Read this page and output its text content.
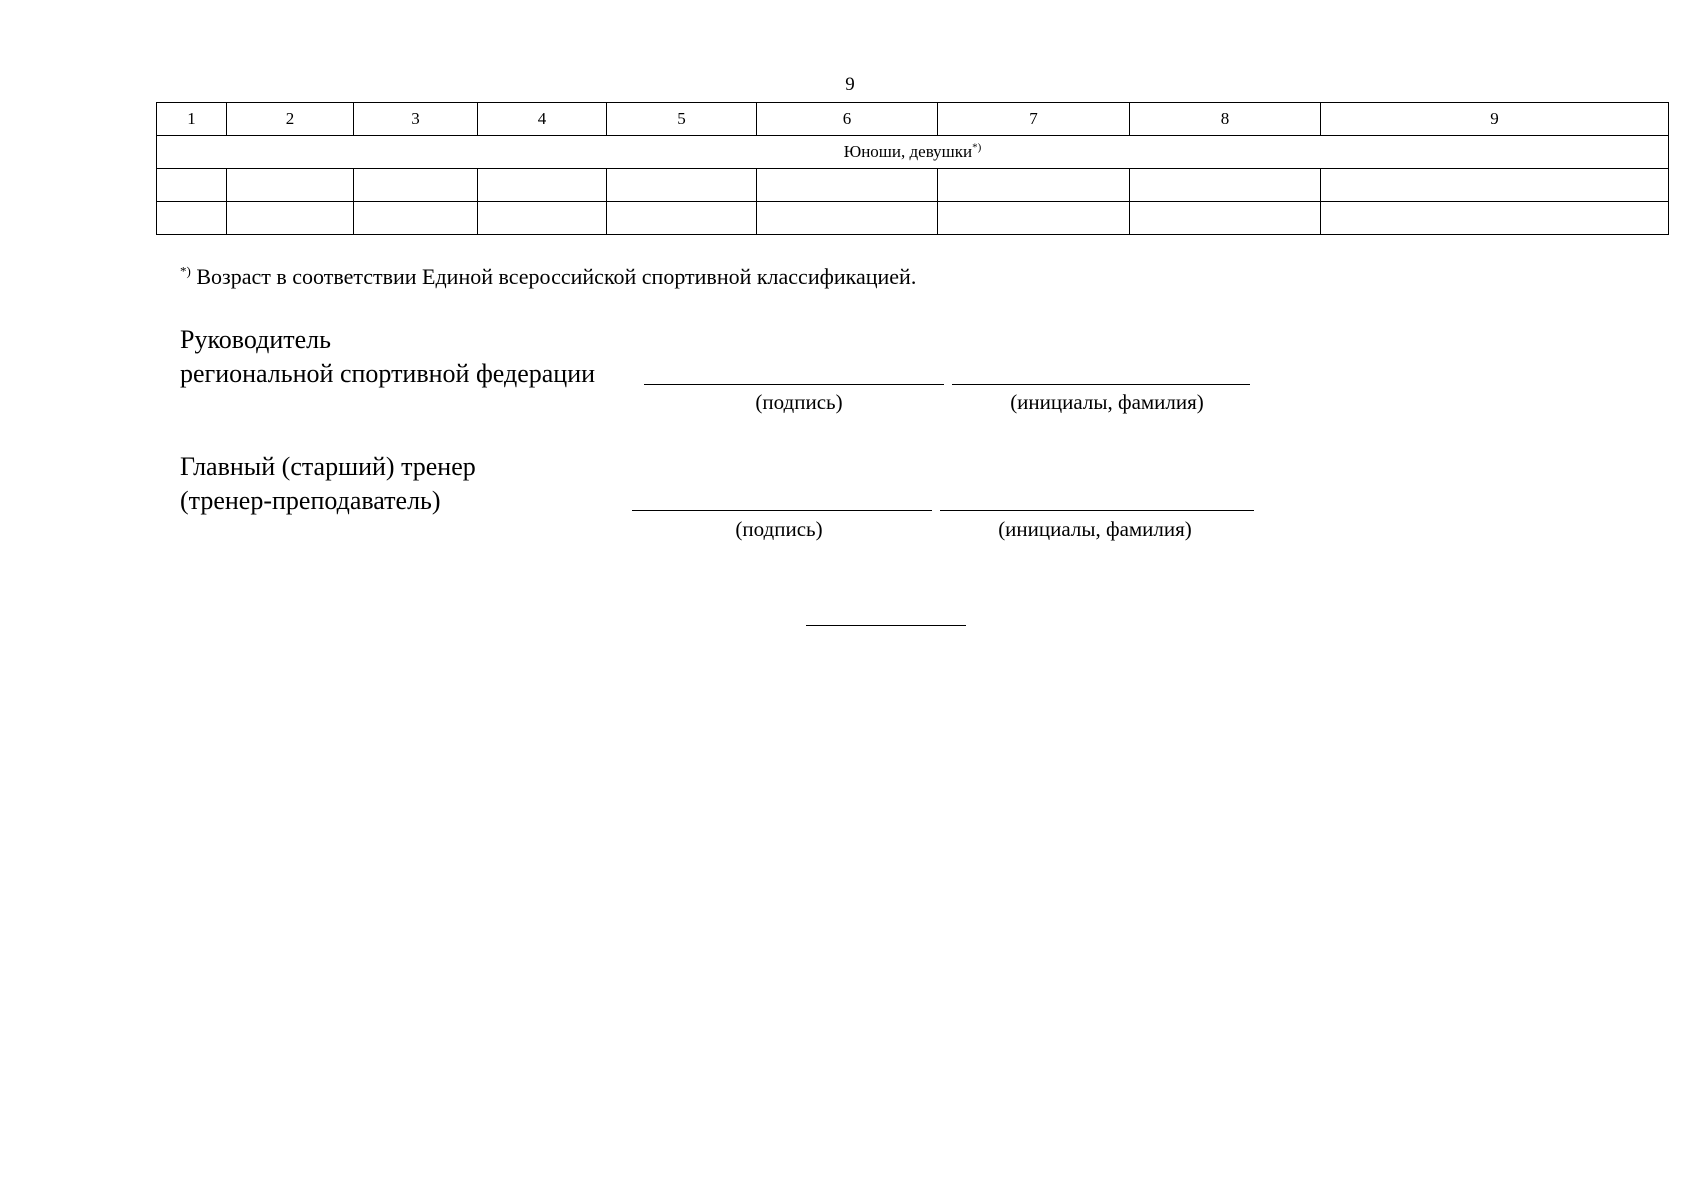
9
1	2	3	4	5	6	7	8	9
Юноши, девушки*)

*) Возраст в соответствии Единой всероссийской спортивной классификацией.
Руководитель
региональной спортивной федерации
(подпись)	(инициалы, фамилия)
Главный (старший) тренер
(тренер-преподаватель)
(подпись)	(инициалы, фамилия)
